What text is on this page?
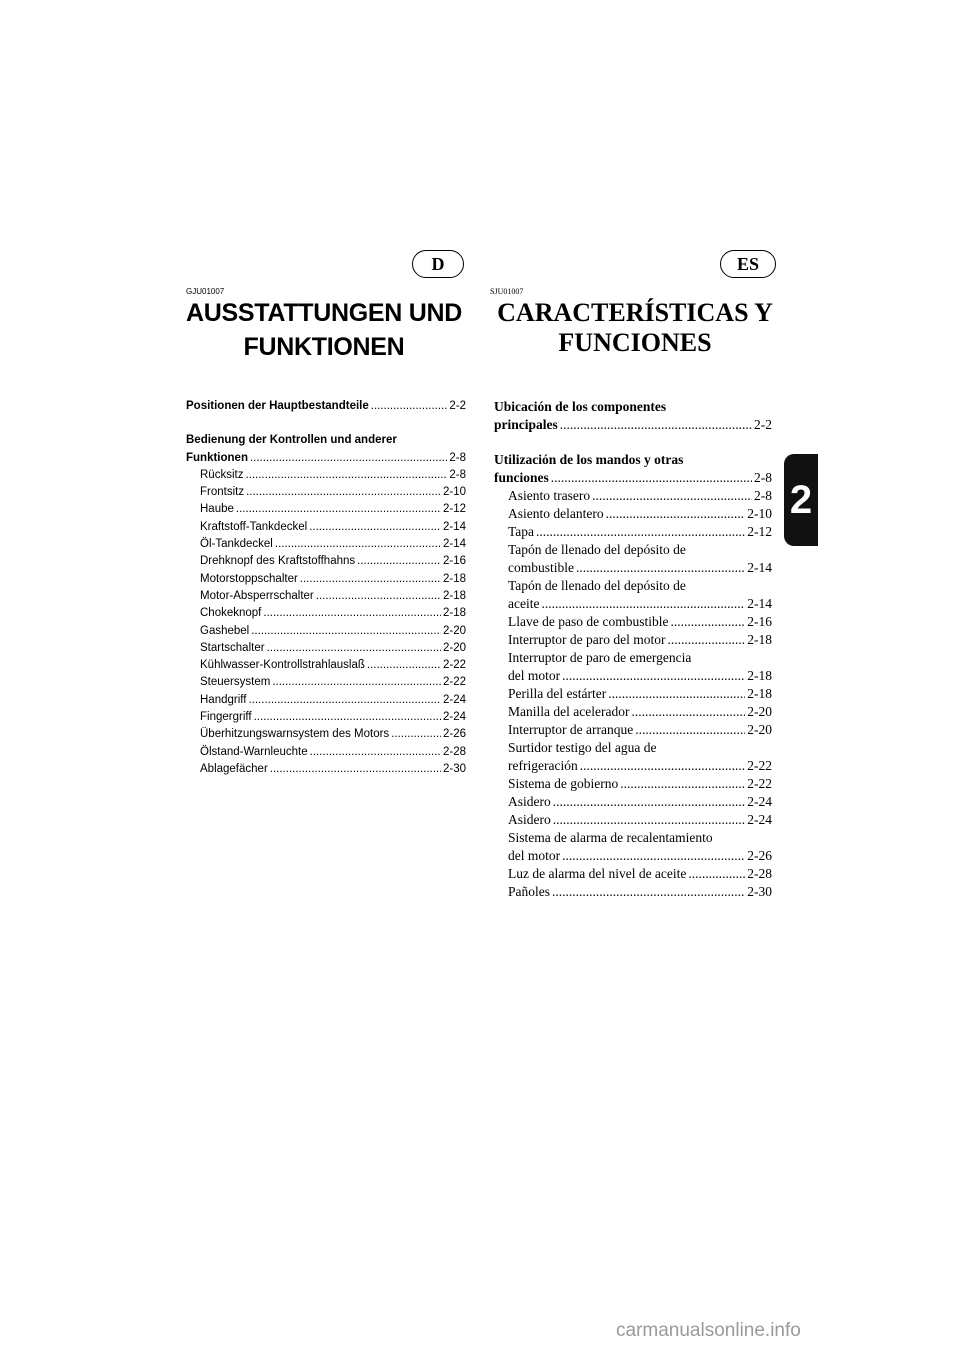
D	ES
GJU01007	SJU01007
AUSSTATTUNGEN UND FUNKTIONEN
CARACTERÍSTICAS Y FUNCIONES
Positionen der Hauptbestandteile .....	2-2
Bedienung der Kontrollen und anderer
Funktionen .....	2-8
Rücksitz .....	2-8
Frontsitz .....	2-10
Haube .....	2-12
Kraftstoff-Tankdeckel .....	2-14
Öl-Tankdeckel .....	2-14
Drehknopf des Kraftstoffhahns .....	2-16
Motorstoppschalter .....	2-18
Motor-Absperrschalter .....	2-18
Chokeknopf .....	2-18
Gashebel .....	2-20
Startschalter .....	2-20
Kühlwasser-Kontrollstrahlauslaß .....	2-22
Steuersystem .....	2-22
Handgriff .....	2-24
Fingergriff .....	2-24
Überhitzungswarnsystem des Motors .....	2-26
Ölstand-Warnleuchte .....	2-28
Ablagefächer .....	2-30
Ubicación de los componentes
principales .....	2-2
Utilización de los mandos y otras
funciones .....	2-8
Asiento trasero .....	2-8
Asiento delantero .....	2-10
Tapa .....	2-12
Tapón de llenado del depósito de
combustible .....	2-14
Tapón de llenado del depósito de
aceite .....	2-14
Llave de paso de combustible .....	2-16
Interruptor de paro del motor .....	2-18
Interruptor de paro de emergencia
del motor .....	2-18
Perilla del estárter .....	2-18
Manilla del acelerador .....	2-20
Interruptor de arranque .....	2-20
Surtidor testigo del agua de
refrigeración .....	2-22
Sistema de gobierno .....	2-22
Asidero .....	2-24
Asidero .....	2-24
Sistema de alarma de recalentamiento
del motor .....	2-26
Luz de alarma del nivel de aceite .....	2-28
Pañoles .....	2-30
2
carmanualsonline.info
